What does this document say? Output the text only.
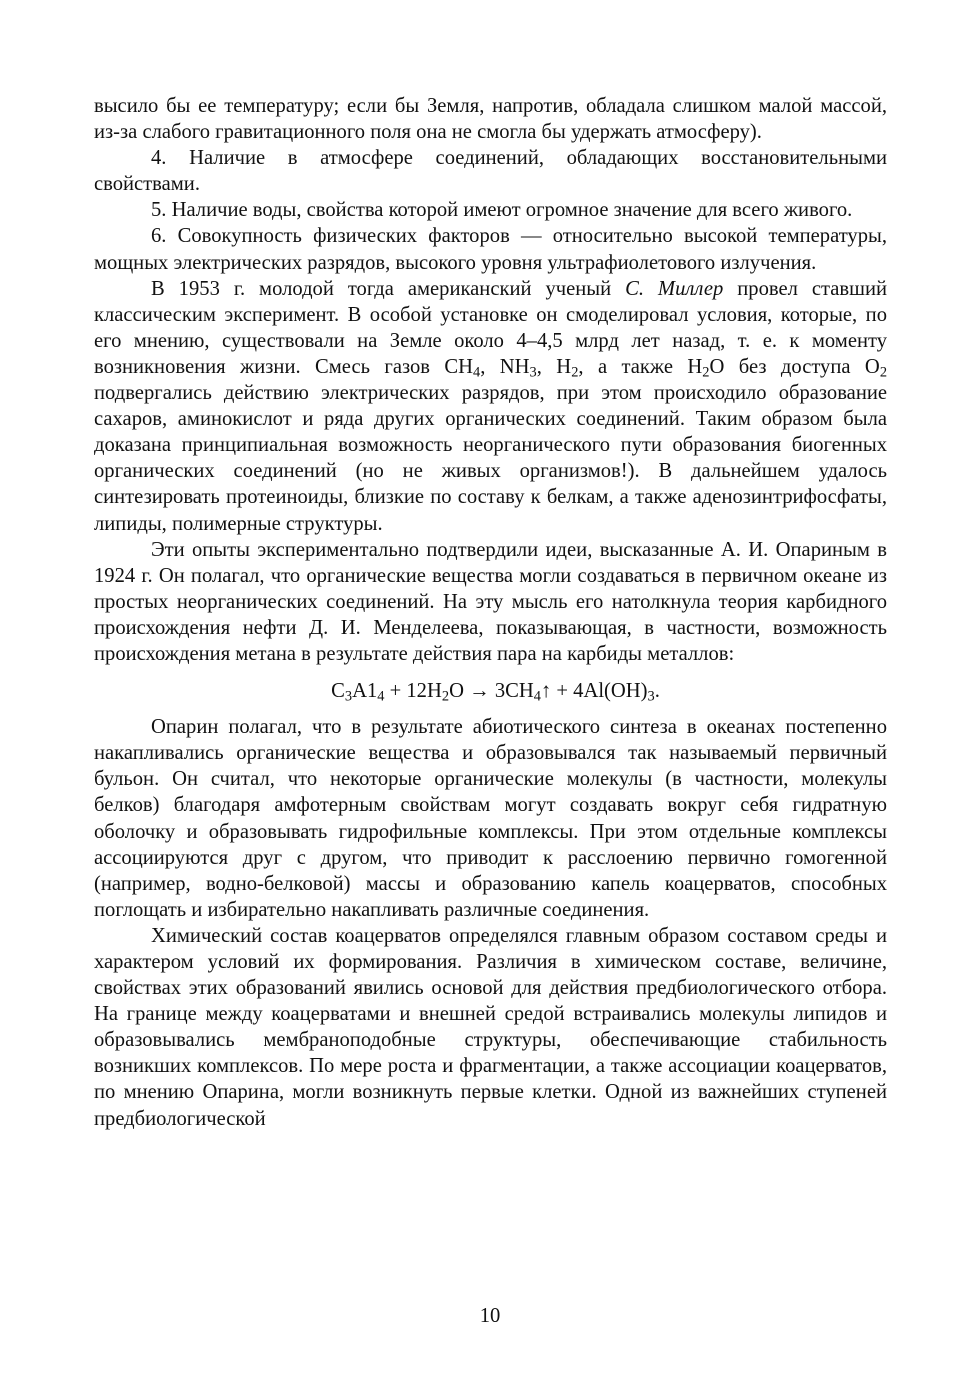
высило бы ее температуру; если бы Земля, напротив, обладала слишком малой массой, из-за слабого гравитационного поля она не смогла бы удержать атмосферу).

4. Наличие в атмосфере соединений, обладающих восстановительными свойствами.

5. Наличие воды, свойства которой имеют огромное значение для всего живого.

6. Совокупность физических факторов — относительно высокой температуры, мощных электрических разрядов, высокого уровня ультрафиолетового излучения.

В 1953 г. молодой тогда американский ученый С. Миллер провел ставший классическим эксперимент. В особой установке он смоделировал условия, которые, по его мнению, существовали на Земле около 4–4,5 млрд лет назад, т. е. к моменту возникновения жизни. Смесь газов $CH_4$, $NH_3$, $H_2$, а также $H_2O$ без доступа $O_2$ подвергались действию электрических разрядов, при этом происходило образование сахаров, аминокислот и ряда других органических соединений. Таким образом была доказана принципиальная возможность неорганического пути образования биогенных органических соединений (но не живых организмов!). В дальнейшем удалось синтезировать протеиноиды, близкие по составу к белкам, а также аденозинтрифосфаты, липиды, полимерные структуры.

Эти опыты экспериментально подтвердили идеи, высказанные А. И. Опариным в 1924 г. Он полагал, что органические вещества могли создаваться в первичном океане из простых неорганических соединений. На эту мысль его натолкнула теория карбидного происхождения нефти Д. И. Менделеева, показывающая, в частности, возможность происхождения метана в результате действия пара на карбиды металлов:

$C_3A1_4 + 12H_2O$ → $3CH_4↑ + 4Al(OH)_3$.

Опарин полагал, что в результате абиотического синтеза в океанах постепенно накапливались органические вещества и образовывался так называемый первичный бульон. Он считал, что некоторые органические молекулы (в частности, молекулы белков) благодаря амфотерным свойствам могут создавать вокруг себя гидратную оболочку и образовывать гидрофильные комплексы. При этом отдельные комплексы ассоциируются друг с другом, что приводит к расслоению первично гомогенной (например, водно-белковой) массы и образованию капель коацерватов, способных поглощать и избирательно накапливать различные соединения.

Химический состав коацерватов определялся главным образом составом среды и характером условий их формирования. Различия в химическом составе, величине, свойствах этих образований явились основой для действия предбиологического отбора. На границе между коацерватами и внешней средой встраивались молекулы липидов и образовывались мембраноподобные структуры, обеспечивающие стабильность возникших комплексов. По мере роста и фрагментации, а также ассоциации коацерватов, по мнению Опарина, могли возникнуть первые клетки. Одной из важнейших ступеней предбиологической

10
